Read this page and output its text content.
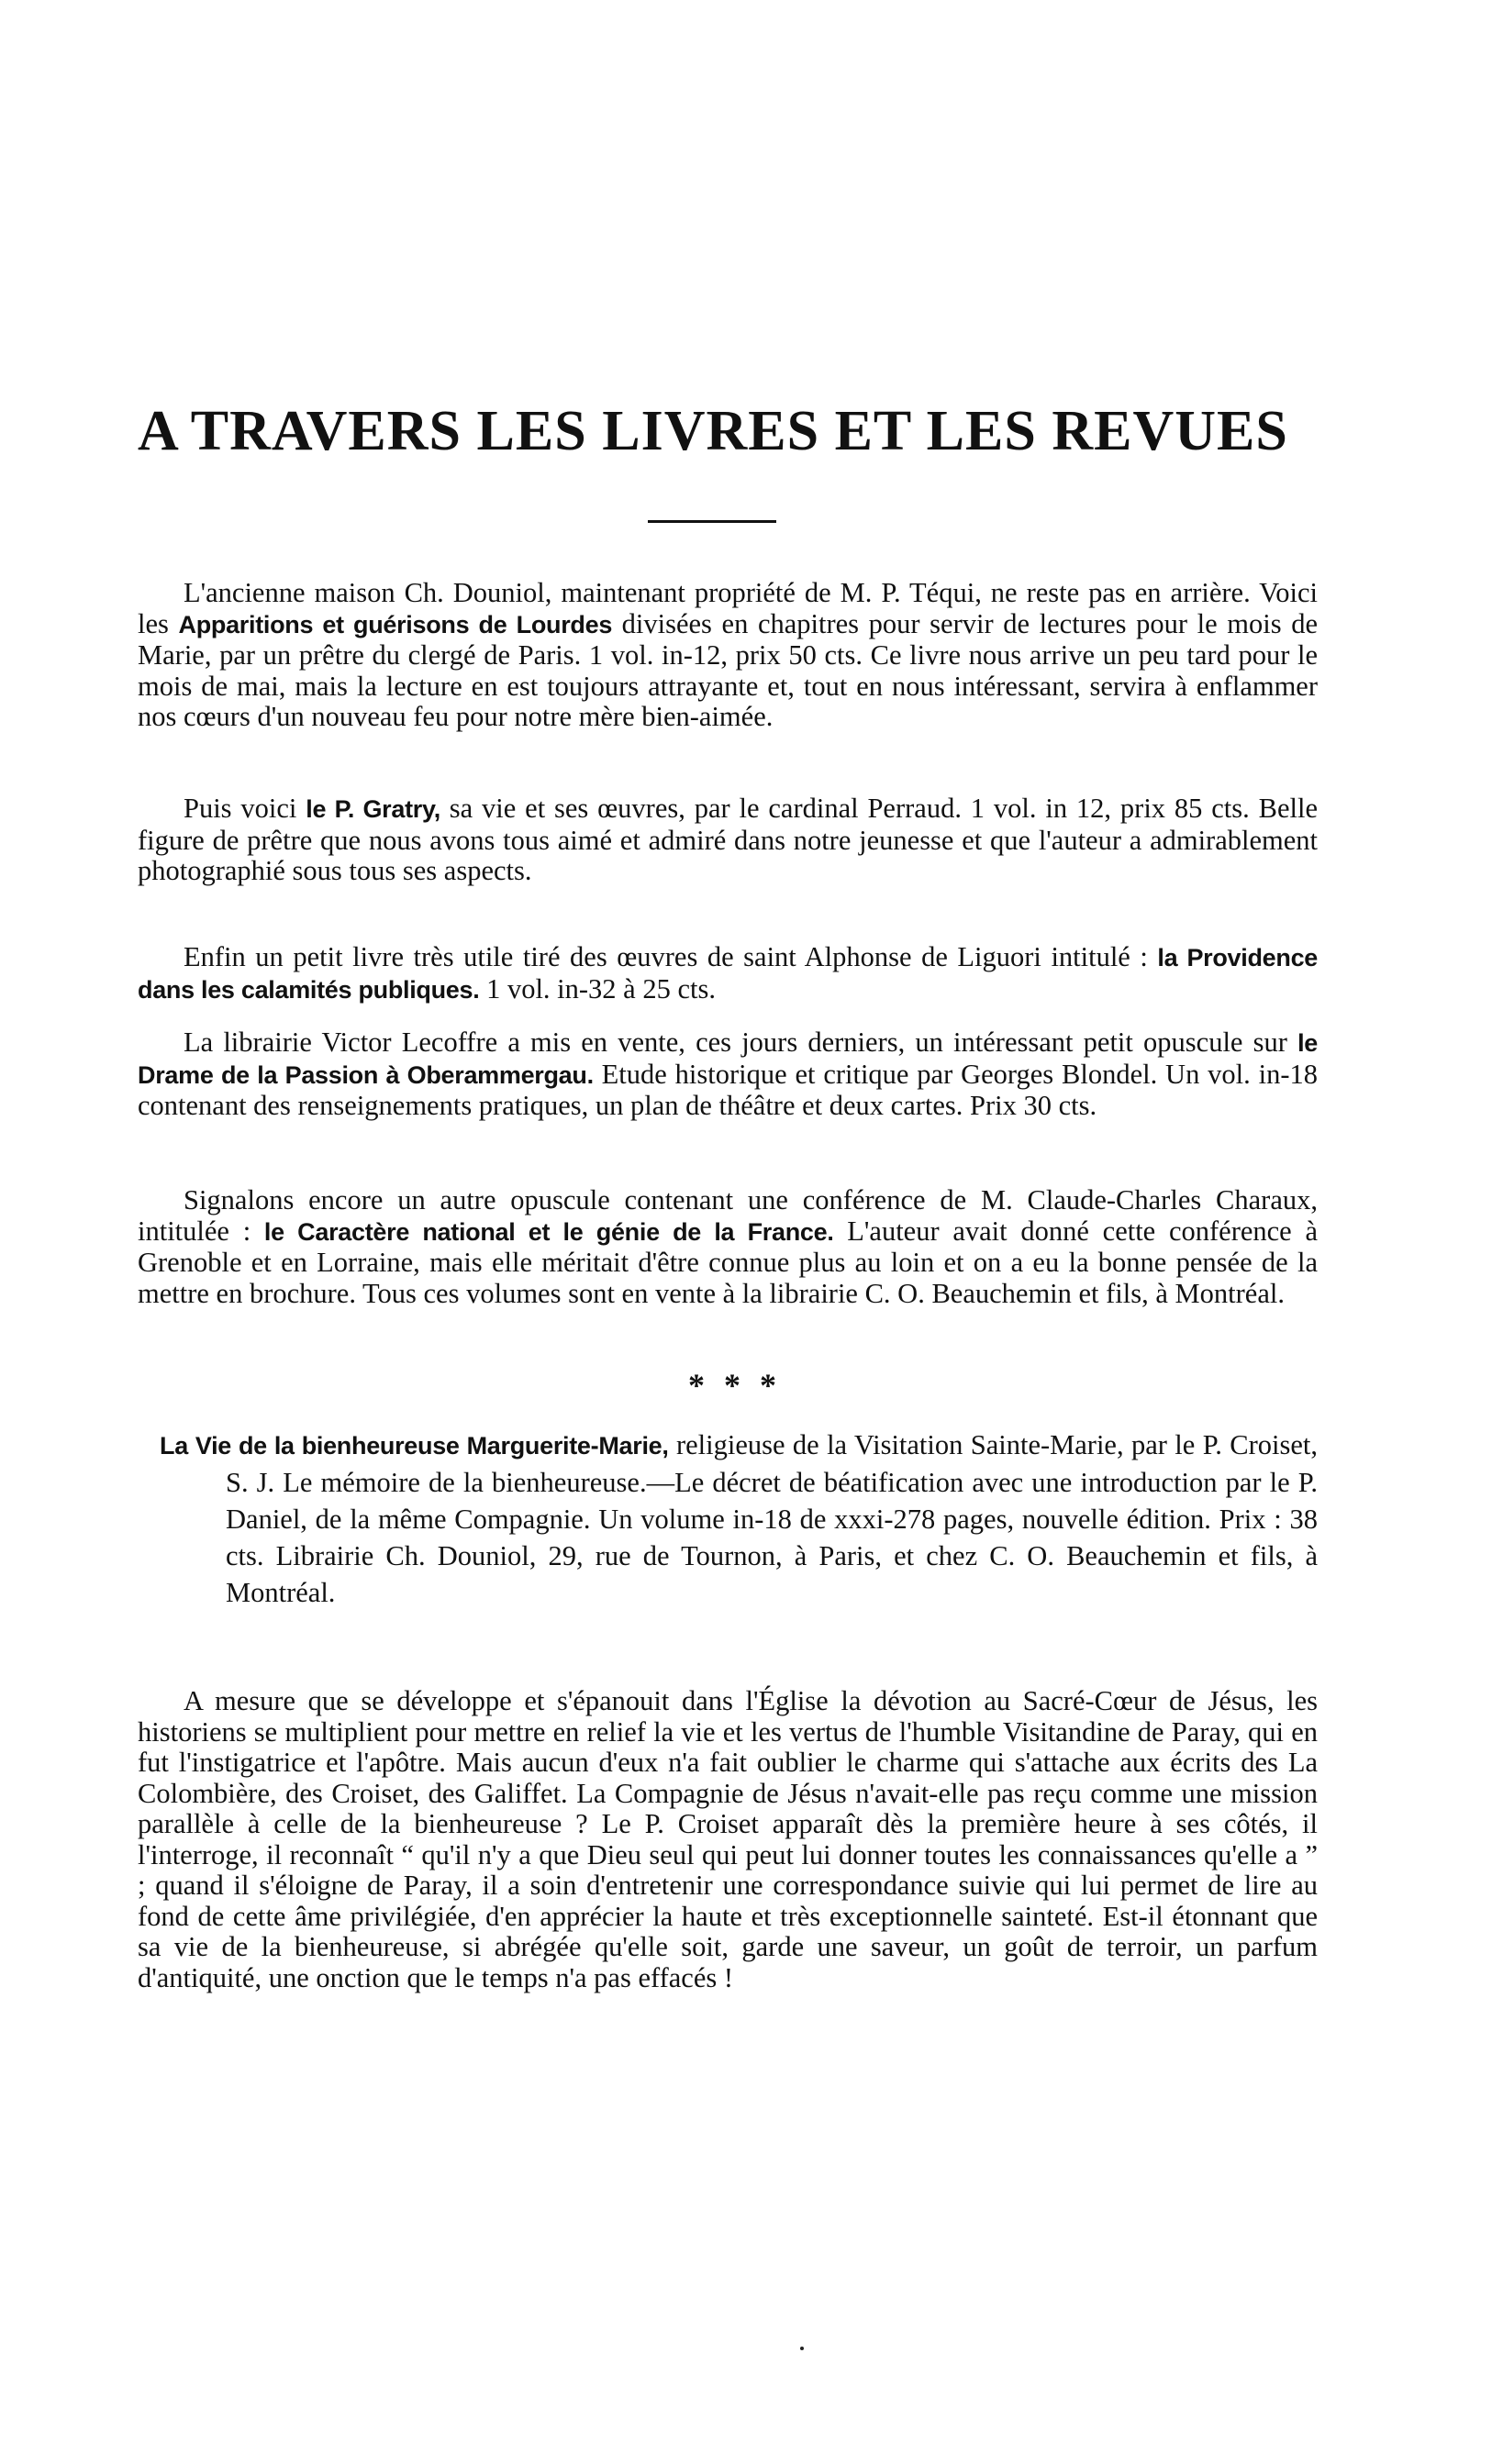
A TRAVERS LES LIVRES ET LES REVUES

L'ancienne maison Ch. Douniol, maintenant propriété de M. P. Téqui, ne reste pas en arrière. Voici les Apparitions et guérisons de Lourdes divisées en chapitres pour servir de lectures pour le mois de Marie, par un prêtre du clergé de Paris. 1 vol. in-12, prix 50 cts. Ce livre nous arrive un peu tard pour le mois de mai, mais la lecture en est toujours attrayante et, tout en nous intéressant, servira à enflammer nos cœurs d'un nouveau feu pour notre mère bien-aimée.

Puis voici le P. Gratry, sa vie et ses œuvres, par le cardinal Perraud. 1 vol. in 12, prix 85 cts. Belle figure de prêtre que nous avons tous aimé et admiré dans notre jeunesse et que l'auteur a admirablement photographié sous tous ses aspects.

Enfin un petit livre très utile tiré des œuvres de saint Alphonse de Liguori intitulé : la Providence dans les calamités publiques. 1 vol. in-32 à 25 cts.

La librairie Victor Lecoffre a mis en vente, ces jours derniers, un intéressant petit opuscule sur le Drame de la Passion à Oberammergau. Etude historique et critique par Georges Blondel. Un vol. in-18 contenant des renseignements pratiques, un plan de théâtre et deux cartes. Prix 30 cts.

Signalons encore un autre opuscule contenant une conférence de M. Claude-Charles Charaux, intitulée : le Caractère national et le génie de la France. L'auteur avait donné cette conférence à Grenoble et en Lorraine, mais elle méritait d'être connue plus au loin et on a eu la bonne pensée de la mettre en brochure. Tous ces volumes sont en vente à la librairie C. O. Beauchemin et fils, à Montréal.

* * *

La Vie de la bienheureuse Marguerite-Marie, religieuse de la Visitation Sainte-Marie, par le P. Croiset, S. J. Le mémoire de la bienheureuse.—Le décret de béatification avec une introduction par le P. Daniel, de la même Compagnie. Un volume in-18 de xxxi-278 pages, nouvelle édition. Prix : 38 cts. Librairie Ch. Douniol, 29, rue de Tournon, à Paris, et chez C. O. Beauchemin et fils, à Montréal.

A mesure que se développe et s'épanouit dans l'Église la dévotion au Sacré-Cœur de Jésus, les historiens se multiplient pour mettre en relief la vie et les vertus de l'humble Visitandine de Paray, qui en fut l'instigatrice et l'apôtre. Mais aucun d'eux n'a fait oublier le charme qui s'attache aux écrits des La Colombière, des Croiset, des Galiffet. La Compagnie de Jésus n'avait-elle pas reçu comme une mission parallèle à celle de la bienheureuse ? Le P. Croiset apparaît dès la première heure à ses côtés, il l'interroge, il reconnaît “ qu'il n'y a que Dieu seul qui peut lui donner toutes les connaissances qu'elle a ” ; quand il s'éloigne de Paray, il a soin d'entretenir une correspondance suivie qui lui permet de lire au fond de cette âme privilégiée, d'en apprécier la haute et très exceptionnelle sainteté. Est-il étonnant que sa vie de la bienheureuse, si abrégée qu'elle soit, garde une saveur, un goût de terroir, un parfum d'antiquité, une onction que le temps n'a pas effacés !
